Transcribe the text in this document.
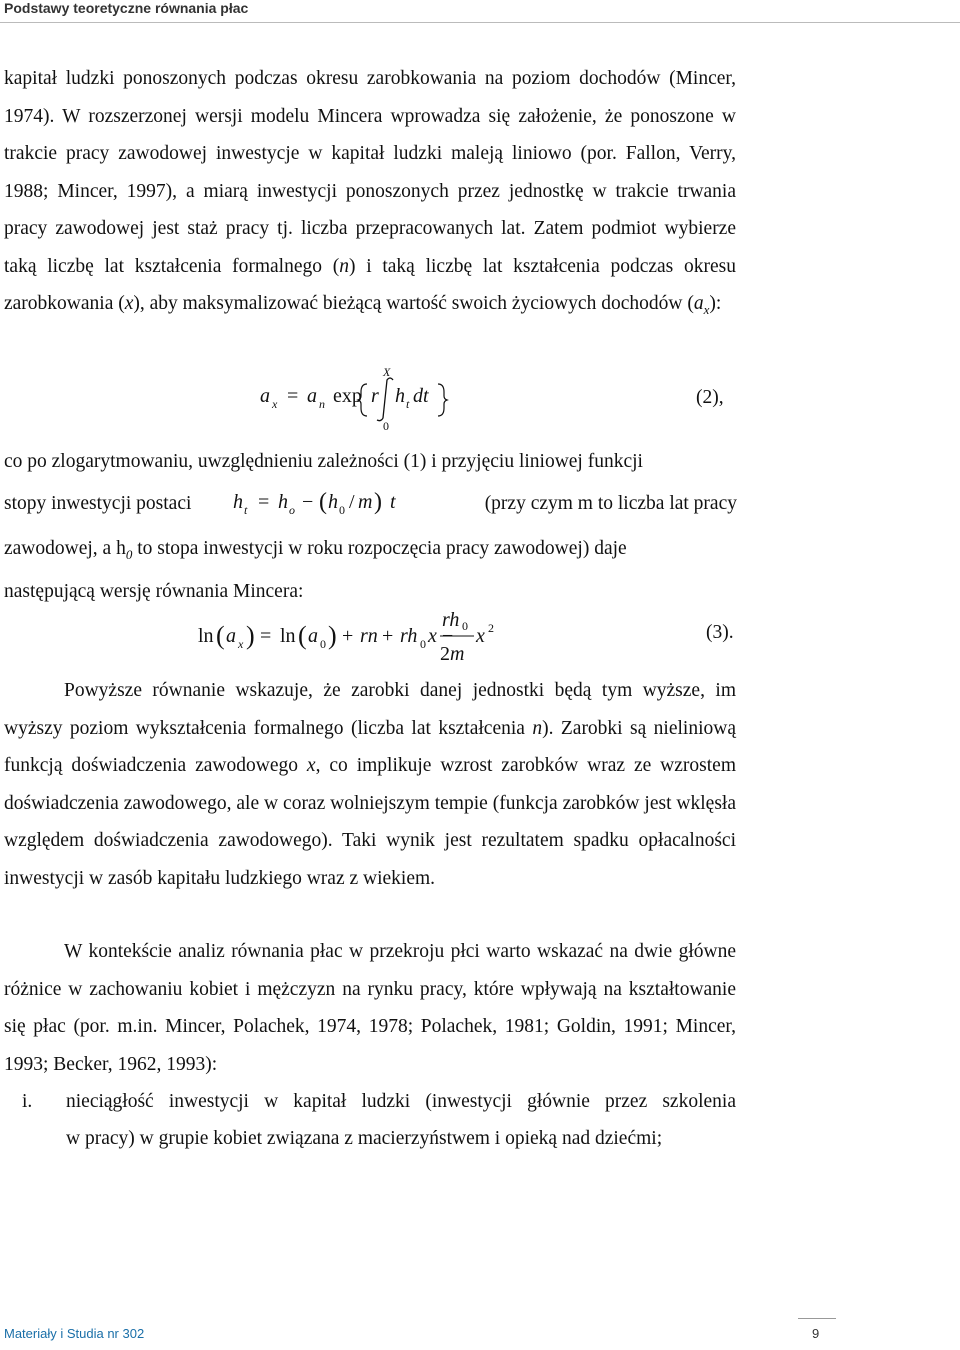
Podstawy teoretyczne równania płac

kapitał ludzki ponoszonych podczas okresu zarobkowania na poziom dochodów (Mincer, 1974). W rozszerzonej wersji modelu Mincera wprowadza się założenie, że ponoszone w trakcie pracy zawodowej inwestycje w kapitał ludzki maleją liniowo (por. Fallon, Verry, 1988; Mincer, 1997), a miarą inwestycji ponoszonych przez jednostkę w trakcie trwania pracy zawodowej jest staż pracy tj. liczba przepracowanych lat. Zatem podmiot wybierze taką liczbę lat kształcenia formalnego (n) i taką liczbę lat kształcenia podczas okresu zarobkowania (x), aby maksymalizować bieżącą wartość swoich życiowych dochodów $(a_x)$:

a x = a n exp r
X
0
h t dt	(2),

co po zlogarytmowaniu, uwzględnieniu zależności (1) i przyjęciu liniowej funkcji

stopy inwestycji postaci	h t = h o − ( h 0 / m ) t	(przy czym m to liczba lat pracy

zawodowej, a $h_0$ to stopa inwestycji w roku rozpoczęcia pracy zawodowej) daje

następującą wersję równania Mincera:

ln ( a x ) = ln ( a 0 ) + rn + rh 0 x −
rh 0
2 m
x 2	(3).

Powyższe równanie wskazuje, że zarobki danej jednostki będą tym wyższe, im wyższy poziom wykształcenia formalnego (liczba lat kształcenia n). Zarobki są nieliniową funkcją doświadczenia zawodowego x, co implikuje wzrost zarobków wraz ze wzrostem doświadczenia zawodowego, ale w coraz wolniejszym tempie (funkcja zarobków jest wklęsła względem doświadczenia zawodowego). Taki wynik jest rezultatem spadku opłacalności inwestycji w zasób kapitału ludzkiego wraz z wiekiem.

W kontekście analiz równania płac w przekroju płci warto wskazać na dwie główne różnice w zachowaniu kobiet i mężczyzn na rynku pracy, które wpływają na kształtowanie się płac (por. m.in. Mincer, Polachek, 1974, 1978; Polachek, 1981; Goldin, 1991; Mincer, 1993; Becker, 1962, 1993):

i. nieciągłość inwestycji w kapitał ludzki (inwestycji głównie przez szkolenia
w pracy) w grupie kobiet związana z macierzyństwem i opieką nad dziećmi;
Materiały i Studia nr 302	9
